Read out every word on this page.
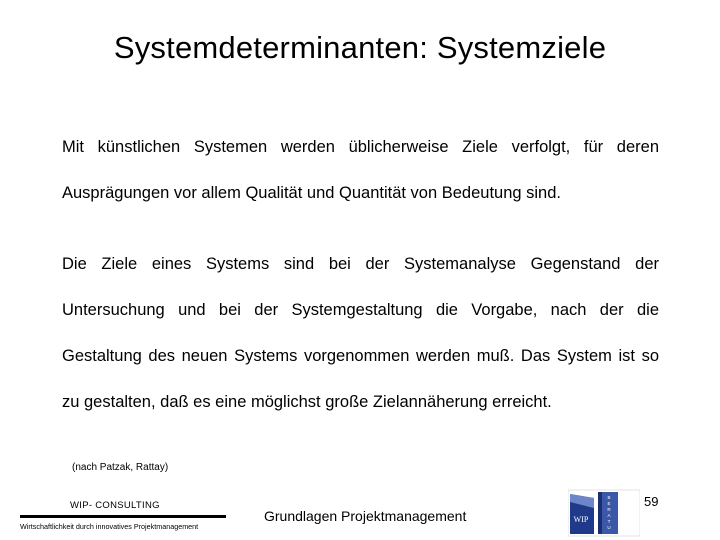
Systemdeterminanten: Systemziele
Mit künstlichen Systemen werden üblicherweise Ziele verfolgt, für deren Ausprägungen vor allem Qualität und Quantität von Bedeutung sind.
Die Ziele eines Systems sind bei der Systemanalyse Gegenstand der Untersuchung und bei der Systemgestaltung die Vorgabe, nach der die Gestaltung des neuen Systems vorgenommen werden muß. Das System ist so zu gestalten, daß es eine möglichst große Zielannäherung erreicht.
(nach Patzak, Rattay)
WIP- CONSULTING
Wirtschaftlichkeit durch innovatives Projektmanagement
Grundlagen Projektmanagement	WIP
B
E
R
A
T
U
59
